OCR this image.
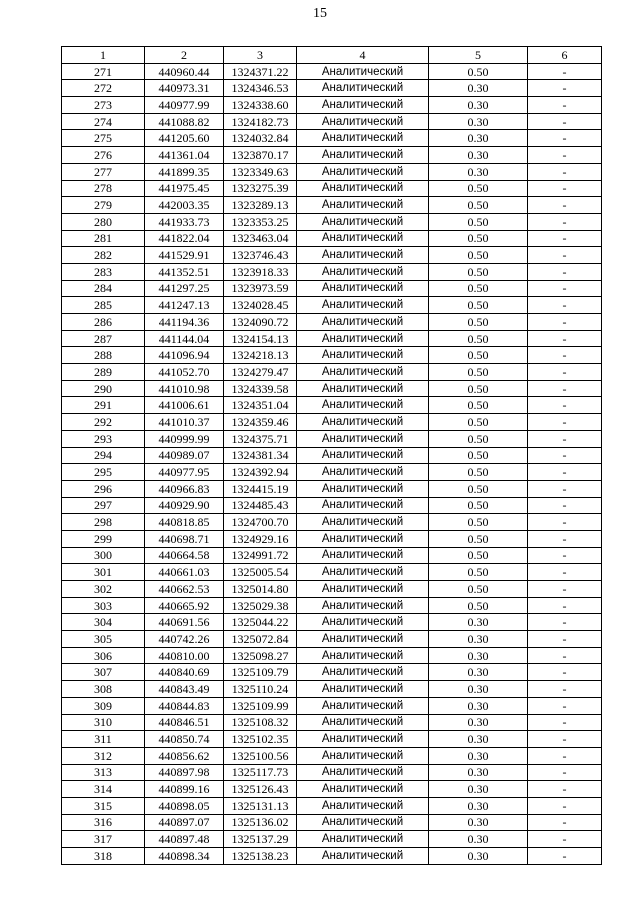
15
1	2	3	4	5	6
271	440960.44	1324371.22	Аналитический	0.50	-
272	440973.31	1324346.53	Аналитический	0.30	-
273	440977.99	1324338.60	Аналитический	0.30	-
274	441088.82	1324182.73	Аналитический	0.30	-
275	441205.60	1324032.84	Аналитический	0.30	-
276	441361.04	1323870.17	Аналитический	0.30	-
277	441899.35	1323349.63	Аналитический	0.30	-
278	441975.45	1323275.39	Аналитический	0.50	-
279	442003.35	1323289.13	Аналитический	0.50	-
280	441933.73	1323353.25	Аналитический	0.50	-
281	441822.04	1323463.04	Аналитический	0.50	-
282	441529.91	1323746.43	Аналитический	0.50	-
283	441352.51	1323918.33	Аналитический	0.50	-
284	441297.25	1323973.59	Аналитический	0.50	-
285	441247.13	1324028.45	Аналитический	0.50	-
286	441194.36	1324090.72	Аналитический	0.50	-
287	441144.04	1324154.13	Аналитический	0.50	-
288	441096.94	1324218.13	Аналитический	0.50	-
289	441052.70	1324279.47	Аналитический	0.50	-
290	441010.98	1324339.58	Аналитический	0.50	-
291	441006.61	1324351.04	Аналитический	0.50	-
292	441010.37	1324359.46	Аналитический	0.50	-
293	440999.99	1324375.71	Аналитический	0.50	-
294	440989.07	1324381.34	Аналитический	0.50	-
295	440977.95	1324392.94	Аналитический	0.50	-
296	440966.83	1324415.19	Аналитический	0.50	-
297	440929.90	1324485.43	Аналитический	0.50	-
298	440818.85	1324700.70	Аналитический	0.50	-
299	440698.71	1324929.16	Аналитический	0.50	-
300	440664.58	1324991.72	Аналитический	0.50	-
301	440661.03	1325005.54	Аналитический	0.50	-
302	440662.53	1325014.80	Аналитический	0.50	-
303	440665.92	1325029.38	Аналитический	0.50	-
304	440691.56	1325044.22	Аналитический	0.30	-
305	440742.26	1325072.84	Аналитический	0.30	-
306	440810.00	1325098.27	Аналитический	0.30	-
307	440840.69	1325109.79	Аналитический	0.30	-
308	440843.49	1325110.24	Аналитический	0.30	-
309	440844.83	1325109.99	Аналитический	0.30	-
310	440846.51	1325108.32	Аналитический	0.30	-
311	440850.74	1325102.35	Аналитический	0.30	-
312	440856.62	1325100.56	Аналитический	0.30	-
313	440897.98	1325117.73	Аналитический	0.30	-
314	440899.16	1325126.43	Аналитический	0.30	-
315	440898.05	1325131.13	Аналитический	0.30	-
316	440897.07	1325136.02	Аналитический	0.30	-
317	440897.48	1325137.29	Аналитический	0.30	-
318	440898.34	1325138.23	Аналитический	0.30	-
